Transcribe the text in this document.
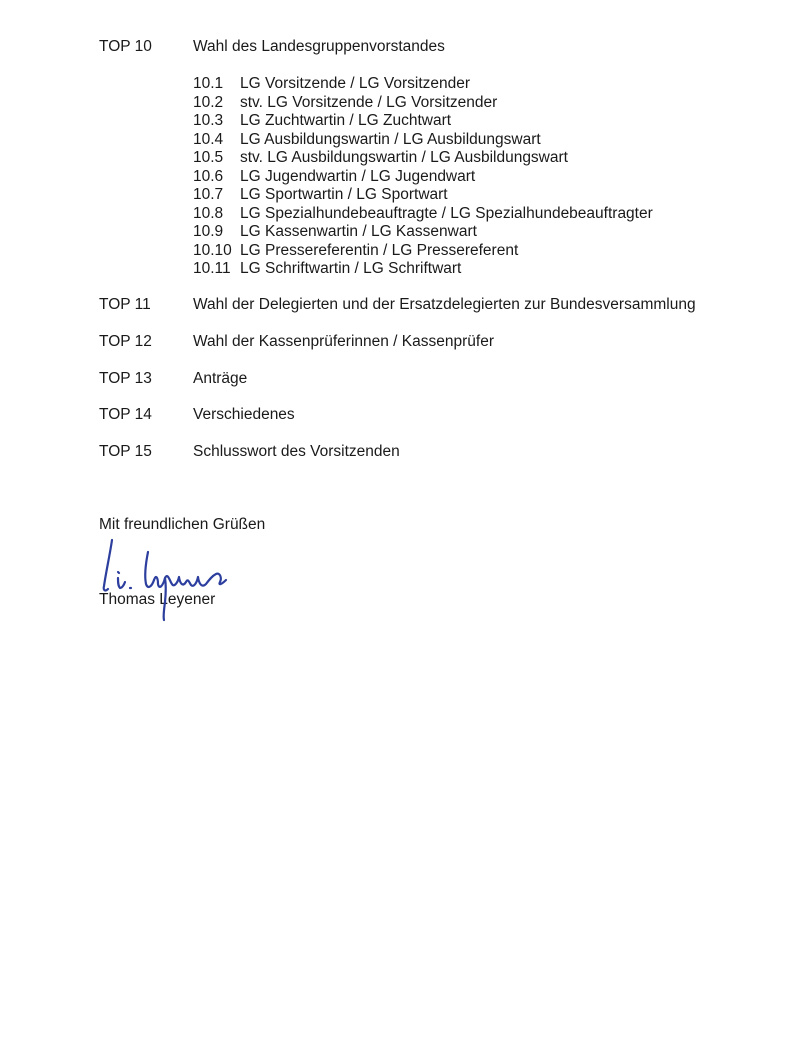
TOP 10	Wahl des Landesgruppenvorstandes
10.1 LG Vorsitzende / LG Vorsitzender
10.2 stv. LG Vorsitzende / LG Vorsitzender
10.3 LG Zuchtwartin / LG Zuchtwart
10.4 LG Ausbildungswartin / LG Ausbildungswart
10.5 stv. LG Ausbildungswartin / LG Ausbildungswart
10.6 LG Jugendwartin / LG Jugendwart
10.7 LG Sportwartin / LG Sportwart
10.8 LG Spezialhundebeauftragte / LG Spezialhundebeauftragter
10.9 LG Kassenwartin / LG Kassenwart
10.10 LG Pressereferentin / LG Pressereferent
10.11 LG Schriftwartin / LG Schriftwart
TOP 11	Wahl der Delegierten und der Ersatzdelegierten zur Bundesversammlung
TOP 12	Wahl der Kassenprüferinnen / Kassenprüfer
TOP 13	Anträge
TOP 14	Verschiedenes
TOP 15	Schlusswort des Vorsitzenden
Mit freundlichen Grüßen
Thomas Leyener
